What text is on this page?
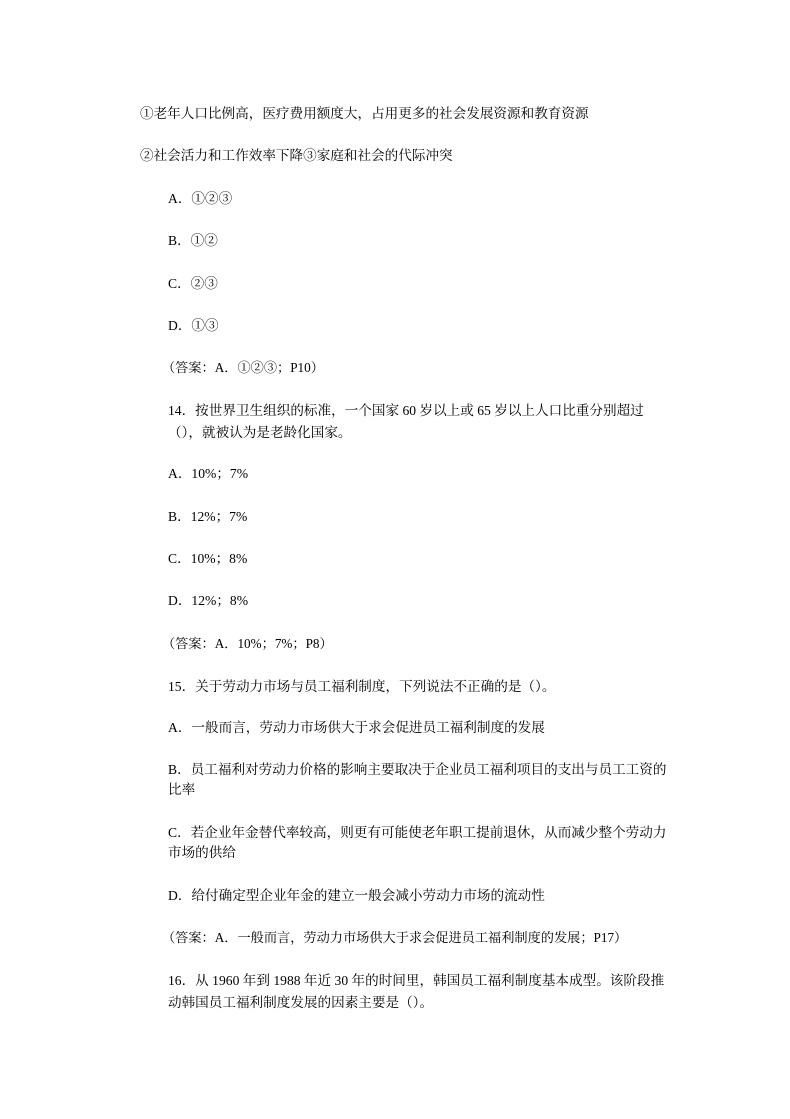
①老年人口比例高，医疗费用额度大，占用更多的社会发展资源和教育资源

②社会活力和工作效率下降③家庭和社会的代际冲突

A．①②③

B．①②

C．②③

D．①③

（答案：A．①②③；P10）

14．按世界卫生组织的标准，一个国家 60 岁以上或 65 岁以上人口比重分别超过（），就被认为是老龄化国家。

A．10%；7%

B．12%；7%

C．10%；8%

D．12%；8%

（答案：A．10%；7%；P8）

15．关于劳动力市场与员工福利制度，下列说法不正确的是（）。

A．一般而言，劳动力市场供大于求会促进员工福利制度的发展

B．员工福利对劳动力价格的影响主要取决于企业员工福利项目的支出与员工工资的比率

C．若企业年金替代率较高，则更有可能使老年职工提前退休，从而减少整个劳动力市场的供给

D．给付确定型企业年金的建立一般会减小劳动力市场的流动性

（答案：A．一般而言，劳动力市场供大于求会促进员工福利制度的发展；P17）

16．从 1960 年到 1988 年近 30 年的时间里，韩国员工福利制度基本成型。该阶段推动韩国员工福利制度发展的因素主要是（）。
